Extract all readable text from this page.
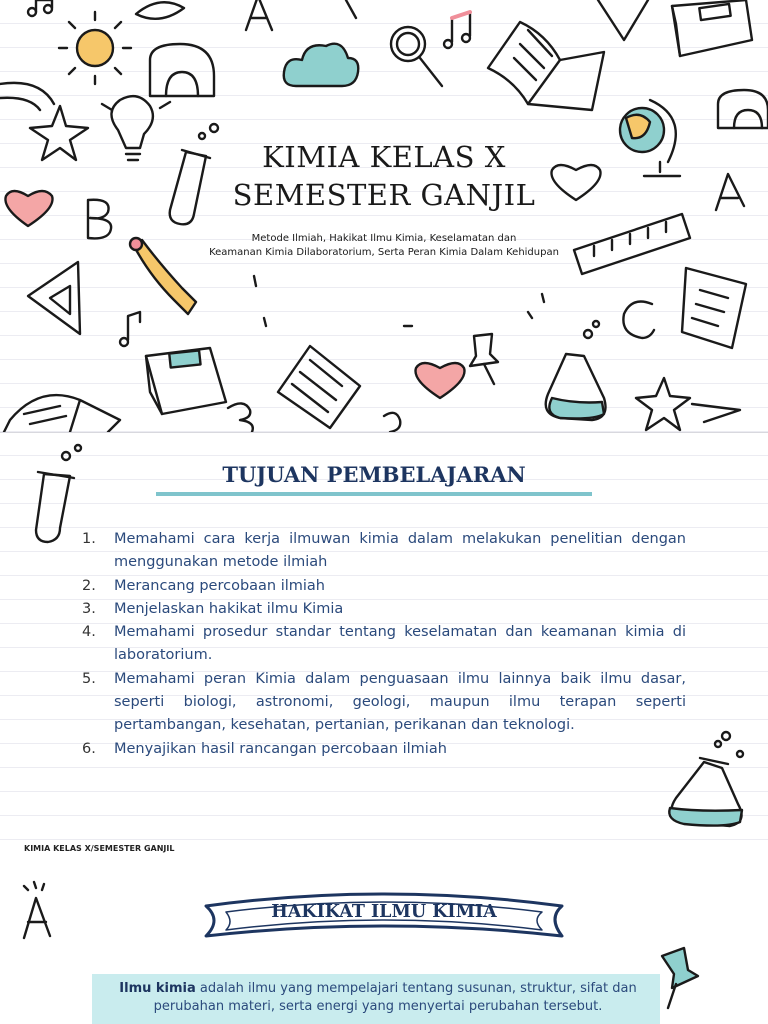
KIMIA KELAS X
SEMESTER GANJIL
Metode Ilmiah, Hakikat Ilmu Kimia, Keselamatan dan
Keamanan Kimia Dilaboratorium, Serta Peran Kimia Dalam Kehidupan
TUJUAN PEMBELAJARAN
1.	Memahami cara kerja ilmuwan kimia dalam melakukan penelitian dengan menggunakan metode ilmiah
2.	Merancang percobaan ilmiah
3.	Menjelaskan hakikat ilmu Kimia
4.	Memahami prosedur standar tentang keselamatan dan keamanan kimia di laboratorium.
5.	Memahami peran Kimia dalam penguasaan ilmu lainnya baik ilmu dasar, seperti biologi, astronomi, geologi, maupun ilmu terapan seperti pertambangan, kesehatan, pertanian, perikanan dan teknologi.
6.	Menyajikan hasil rancangan percobaan ilmiah
KIMIA KELAS X/SEMESTER GANJIL
HAKIKAT ILMU KIMIA
Ilmu kimia adalah ilmu yang mempelajari tentang susunan, struktur, sifat dan
perubahan materi, serta energi yang menyertai perubahan tersebut.
